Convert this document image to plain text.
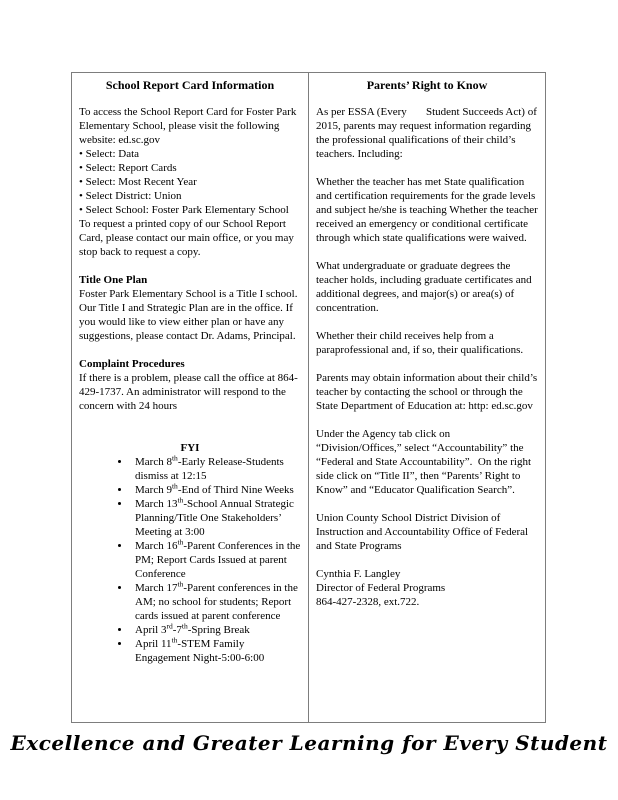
School Report Card Information
To access the School Report Card for Foster Park Elementary School, please visit the following website: ed.sc.gov
• Select: Data
• Select: Report Cards
• Select: Most Recent Year
• Select District: Union
• Select School: Foster Park Elementary School
To request a printed copy of our School Report Card, please contact our main office, or you may stop back to request a copy.
Title One Plan
Foster Park Elementary School is a Title I school. Our Title I and Strategic Plan are in the office. If you would like to view either plan or have any suggestions, please contact Dr. Adams, Principal.
Complaint Procedures
If there is a problem, please call the office at 864-429-1737. An administrator will respond to the concern with 24 hours
FYI
• March 8th-Early Release-Students dismiss at 12:15
• March 9th-End of Third Nine Weeks
• March 13th-School Annual Strategic Planning/Title One Stakeholders’ Meeting at 3:00
• March 16th-Parent Conferences in the PM; Report Cards Issued at parent Conference
• March 17th-Parent conferences in the AM; no school for students; Report cards issued at parent conference
• April 3rd-7th-Spring Break
• April 11th-STEM Family Engagement Night-5:00-6:00
Parents’ Right to Know
As per ESSA (Every       Student Succeeds Act) of 2015, parents may request information regarding the professional qualifications of their child’s teachers. Including:
Whether the teacher has met State qualification and certification requirements for the grade levels and subject he/she is teaching Whether the teacher received an emergency or conditional certificate through which state qualifications were waived.
What undergraduate or graduate degrees the teacher holds, including graduate certificates and additional degrees, and major(s) or area(s) of concentration.
Whether their child receives help from a paraprofessional and, if so, their qualifications.
Parents may obtain information about their child’s teacher by contacting the school or through the State Department of Education at: http: ed.sc.gov
Under the Agency tab click on “Division/Offices,” select “Accountability” the “Federal and State Accountability”.  On the right side click on “Title II”, then “Parents’ Right to Know” and “Educator Qualification Search”.
Union County School District Division of Instruction and Accountability Office of Federal and State Programs
Cynthia F. Langley
Director of Federal Programs
864-427-2328, ext.722.
Excellence and Greater Learning for Every Student
